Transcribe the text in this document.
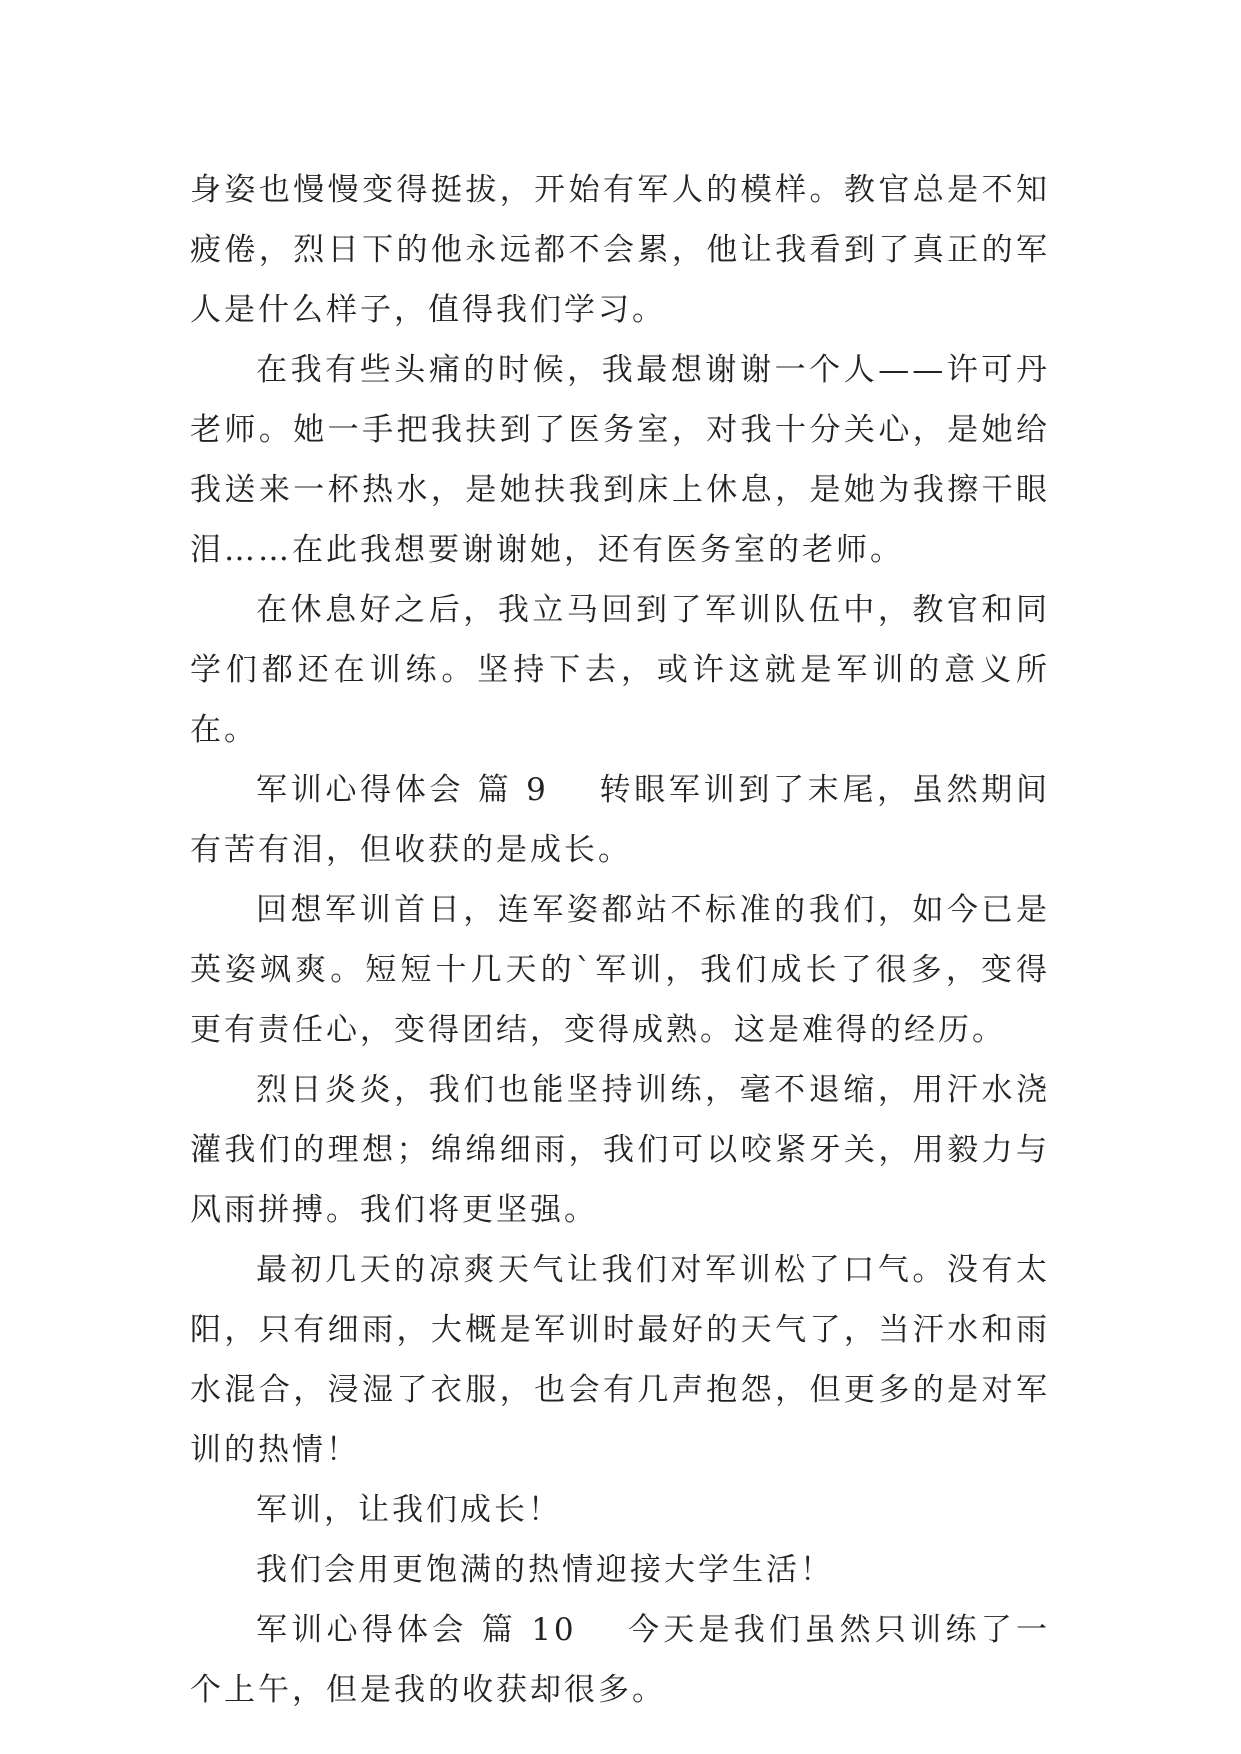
身姿也慢慢变得挺拔，开始有军人的模样。教官总是不知疲倦，烈日下的他永远都不会累，他让我看到了真正的军人是什么样子，值得我们学习。

在我有些头痛的时候，我最想谢谢一个人——许可丹老师。她一手把我扶到了医务室，对我十分关心，是她给我送来一杯热水，是她扶我到床上休息，是她为我擦干眼泪……在此我想要谢谢她，还有医务室的老师。

在休息好之后，我立马回到了军训队伍中，教官和同学们都还在训练。坚持下去，或许这就是军训的意义所在。

军训心得体会 篇 9 转眼军训到了末尾，虽然期间有苦有泪，但收获的是成长。

回想军训首日，连军姿都站不标准的我们，如今已是英姿飒爽。短短十几天的`军训，我们成长了很多，变得更有责任心，变得团结，变得成熟。这是难得的经历。

烈日炎炎，我们也能坚持训练，毫不退缩，用汗水浇灌我们的理想；绵绵细雨，我们可以咬紧牙关，用毅力与风雨拼搏。我们将更坚强。

最初几天的凉爽天气让我们对军训松了口气。没有太阳，只有细雨，大概是军训时最好的天气了，当汗水和雨水混合，浸湿了衣服，也会有几声抱怨，但更多的是对军训的热情！

军训，让我们成长！

我们会用更饱满的热情迎接大学生活！

军训心得体会 篇 10 今天是我们虽然只训练了一个上午，但是我的收获却很多。
